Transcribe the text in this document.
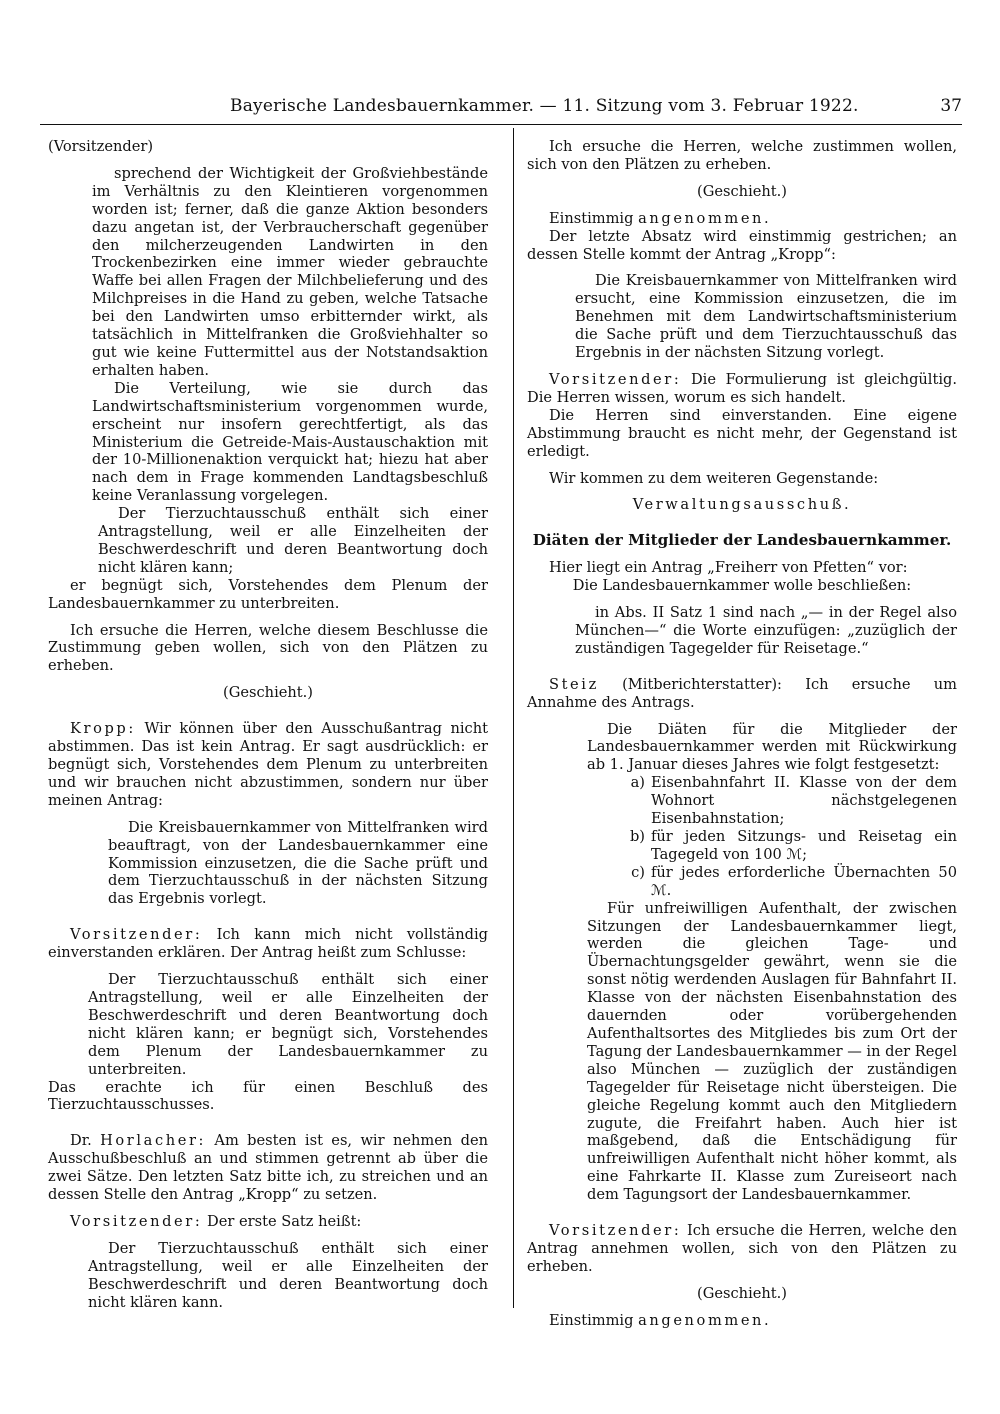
Bayerische Landesbauernkammer. — 11. Sitzung vom 3. Februar 1922.	37

(Vorsitzender)

sprechend der Wichtigkeit der Großviehbestände im Verhältnis zu den Kleintieren vorgenommen worden ist; ferner, daß die ganze Aktion besonders dazu angetan ist, der Verbraucherschaft gegenüber den milcherzeugenden Landwirten in den Trockenbezirken eine immer wieder gebrauchte Waffe bei allen Fragen der Milchbelieferung und des Milchpreises in die Hand zu geben, welche Tatsache bei den Landwirten umso erbitternder wirkt, als tatsächlich in Mittelfranken die Großviehhalter so gut wie keine Futtermittel aus der Notstandsaktion erhalten haben.

Die Verteilung, wie sie durch das Landwirtschaftsministerium vorgenommen wurde, erscheint nur insofern gerechtfertigt, als das Ministerium die Getreide-Mais-Austauschaktion mit der 10-Millionenaktion verquickt hat; hiezu hat aber nach dem in Frage kommenden Landtagsbeschluß keine Veranlassung vorgelegen.

Der Tierzuchtausschuß enthält sich einer Antragstellung, weil er alle Einzelheiten der Beschwerdeschrift und deren Beantwortung doch nicht klären kann;

er begnügt sich, Vorstehendes dem Plenum der Landesbauernkammer zu unterbreiten.

Ich ersuche die Herren, welche diesem Beschlusse die Zustimmung geben wollen, sich von den Plätzen zu erheben.

(Geschieht.)

Kropp: Wir können über den Ausschußantrag nicht abstimmen. Das ist kein Antrag. Er sagt ausdrücklich: er begnügt sich, Vorstehendes dem Plenum zu unterbreiten und wir brauchen nicht abzustimmen, sondern nur über meinen Antrag:

Die Kreisbauernkammer von Mittelfranken wird beauftragt, von der Landesbauernkammer eine Kommission einzusetzen, die die Sache prüft und dem Tierzuchtausschuß in der nächsten Sitzung das Ergebnis vorlegt.

Vorsitzender: Ich kann mich nicht vollständig einverstanden erklären. Der Antrag heißt zum Schlusse:

Der Tierzuchtausschuß enthält sich einer Antragstellung, weil er alle Einzelheiten der Beschwerdeschrift und deren Beantwortung doch nicht klären kann; er begnügt sich, Vorstehendes dem Plenum der Landesbauernkammer zu unterbreiten.

Das erachte ich für einen Beschluß des Tierzuchtausschusses.

Dr. Horlacher: Am besten ist es, wir nehmen den Ausschußbeschluß an und stimmen getrennt ab über die zwei Sätze. Den letzten Satz bitte ich, zu streichen und an dessen Stelle den Antrag „Kropp“ zu setzen.

Vorsitzender: Der erste Satz heißt:

Der Tierzuchtausschuß enthält sich einer Antragstellung, weil er alle Einzelheiten der Beschwerdeschrift und deren Beantwortung doch nicht klären kann.

Ich ersuche die Herren, welche zustimmen wollen, sich von den Plätzen zu erheben.

(Geschieht.)

Einstimmig angenommen.

Der letzte Absatz wird einstimmig gestrichen; an dessen Stelle kommt der Antrag „Kropp“:

Die Kreisbauernkammer von Mittelfranken wird ersucht, eine Kommission einzusetzen, die im Benehmen mit dem Landwirtschaftsministerium die Sache prüft und dem Tierzuchtausschuß das Ergebnis in der nächsten Sitzung vorlegt.

Vorsitzender: Die Formulierung ist gleichgültig. Die Herren wissen, worum es sich handelt.

Die Herren sind einverstanden. Eine eigene Abstimmung braucht es nicht mehr, der Gegenstand ist erledigt.

Wir kommen zu dem weiteren Gegenstande:

Verwaltungsausschuß.

Diäten der Mitglieder der Landesbauernkammer.

Hier liegt ein Antrag „Freiherr von Pfetten“ vor:

Die Landesbauernkammer wolle beschließen:

in Abs. II Satz 1 sind nach „— in der Regel also München—“ die Worte einzufügen: „zuzüglich der zuständigen Tagegelder für Reisetage.“

Steiz (Mitberichterstatter): Ich ersuche um Annahme des Antrags.

Die Diäten für die Mitglieder der Landesbauernkammer werden mit Rückwirkung ab 1. Januar dieses Jahres wie folgt festgesetzt:

a) Eisenbahnfahrt II. Klasse von der dem Wohnort nächstgelegenen Eisenbahnstation;
b) für jeden Sitzungs- und Reisetag ein Tagegeld von 100 ℳ;
c) für jedes erforderliche Übernachten 50 ℳ.

Für unfreiwilligen Aufenthalt, der zwischen Sitzungen der Landesbauernkammer liegt, werden die gleichen Tage- und Übernachtungsgelder gewährt, wenn sie die sonst nötig werdenden Auslagen für Bahnfahrt II. Klasse von der nächsten Eisenbahnstation des dauernden oder vorübergehenden Aufenthaltsortes des Mitgliedes bis zum Ort der Tagung der Landesbauernkammer — in der Regel also München — zuzüglich der zuständigen Tagegelder für Reisetage nicht übersteigen. Die gleiche Regelung kommt auch den Mitgliedern zugute, die Freifahrt haben. Auch hier ist maßgebend, daß die Entschädigung für unfreiwilligen Aufenthalt nicht höher kommt, als eine Fahrkarte II. Klasse zum Zureiseort nach dem Tagungsort der Landesbauernkammer.

Vorsitzender: Ich ersuche die Herren, welche den Antrag annehmen wollen, sich von den Plätzen zu erheben.

(Geschieht.)

Einstimmig angenommen.
